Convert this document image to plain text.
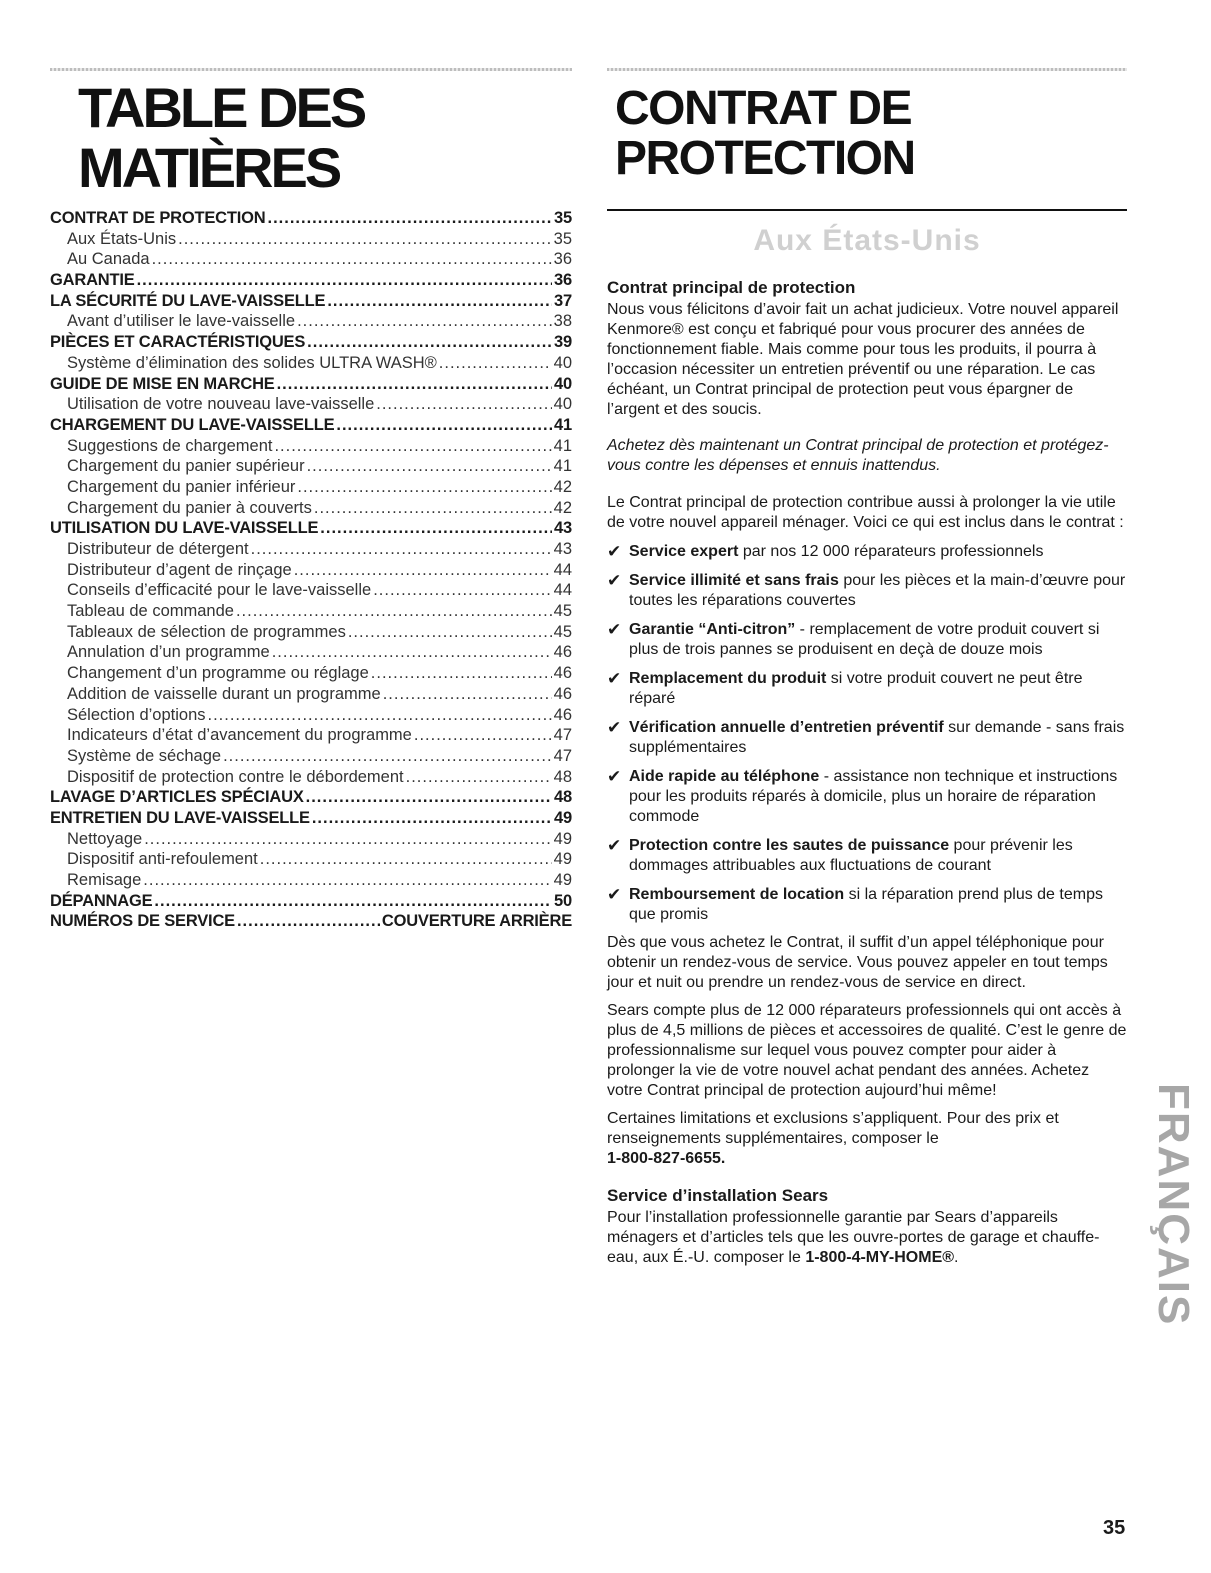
TABLE DES MATIÈRES
CONTRAT DE PROTECTION .....	35
Aux États-Unis .....	35
Au Canada .....	36
GARANTIE .....	36
LA SÉCURITÉ DU LAVE-VAISSELLE .....	37
Avant d’utiliser le lave-vaisselle .....	38
PIÈCES ET CARACTÉRISTIQUES .....	39
Système d’élimination des solides ULTRA WASH® .....	40
GUIDE DE MISE EN MARCHE .....	40
Utilisation de votre nouveau lave-vaisselle .....	40
CHARGEMENT DU LAVE-VAISSELLE .....	41
Suggestions de chargement .....	41
Chargement du panier supérieur .....	41
Chargement du panier inférieur .....	42
Chargement du panier à couverts .....	42
UTILISATION DU LAVE-VAISSELLE .....	43
Distributeur de détergent .....	43
Distributeur d’agent de rinçage .....	44
Conseils d’efficacité pour le lave-vaisselle .....	44
Tableau de commande .....	45
Tableaux de sélection de programmes .....	45
Annulation d’un programme .....	46
Changement d’un programme ou réglage .....	46
Addition de vaisselle durant un programme .....	46
Sélection d’options .....	46
Indicateurs d’état d’avancement du programme .....	47
Système de séchage .....	47
Dispositif de protection contre le débordement .....	48
LAVAGE D’ARTICLES SPÉCIAUX .....	48
ENTRETIEN DU LAVE-VAISSELLE .....	49
Nettoyage .....	49
Dispositif anti-refoulement .....	49
Remisage .....	49
DÉPANNAGE .....	50
NUMÉROS DE SERVICE .....	COUVERTURE ARRIÈRE
CONTRAT DE
PROTECTION
Aux États-Unis
Contrat principal de protection

Nous vous félicitons d’avoir fait un achat judicieux. Votre nouvel appareil Kenmore® est conçu et fabriqué pour vous procurer des années de fonctionnement fiable. Mais comme pour tous les produits, il pourra à l’occasion nécessiter un entretien préventif ou une réparation. Le cas échéant, un Contrat principal de protection peut vous épargner de l’argent et des soucis.

Achetez dès maintenant un Contrat principal de protection et protégez-vous contre les dépenses et ennuis inattendus.

Le Contrat principal de protection contribue aussi à prolonger la vie utile de votre nouvel appareil ménager. Voici ce qui est inclus dans le contrat :

✔ Service expert par nos 12 000 réparateurs professionnels
✔ Service illimité et sans frais pour les pièces et la main-d’œuvre pour toutes les réparations couvertes
✔ Garantie “Anti-citron” - remplacement de votre produit couvert si plus de trois pannes se produisent en deçà de douze mois
✔ Remplacement du produit si votre produit couvert ne peut être réparé
✔ Vérification annuelle d’entretien préventif sur demande - sans frais supplémentaires
✔ Aide rapide au téléphone - assistance non technique et instructions pour les produits réparés à domicile, plus un horaire de réparation commode
✔ Protection contre les sautes de puissance pour prévenir les dommages attribuables aux fluctuations de courant
✔ Remboursement de location si la réparation prend plus de temps que promis

Dès que vous achetez le Contrat, il suffit d’un appel téléphonique pour obtenir un rendez-vous de service. Vous pouvez appeler en tout temps jour et nuit ou prendre un rendez-vous de service en direct.

Sears compte plus de 12 000 réparateurs professionnels qui ont accès à plus de 4,5 millions de pièces et accessoires de qualité. C’est le genre de professionnalisme sur lequel vous pouvez compter pour aider à prolonger la vie de votre nouvel achat pendant des années. Achetez votre Contrat principal de protection aujourd’hui même!

Certaines limitations et exclusions s’appliquent. Pour des prix et renseignements supplémentaires, composer le
1-800-827-6655.

Service d’installation Sears

Pour l’installation professionnelle garantie par Sears d’appareils ménagers et d’articles tels que les ouvre-portes de garage et chauffe-eau, aux É.-U. composer le 1-800-4-MY-HOME®.	FRANÇAIS
35
